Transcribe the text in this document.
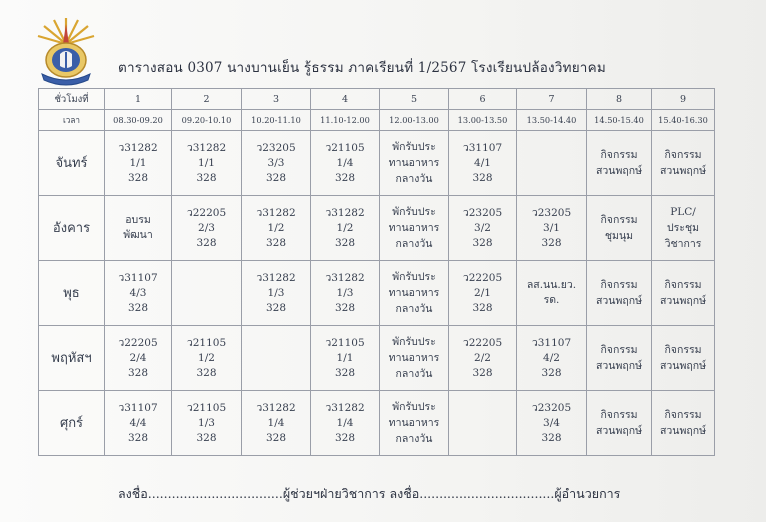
ตารางสอน 0307 นางบานเย็น รู้ธรรม ภาคเรียนที่ 1/2567 โรงเรียนปล้องวิทยาคม
ชั่วโมงที่	1	2	3	4	5	6	7	8	9
เวลา	08.30-09.20	09.20-10.10	10.20-11.10	11.10-12.00	12.00-13.00	13.00-13.50	13.50-14.40	14.50-15.40	15.40-16.30
จันทร์	ว31282
1/1
328	ว31282
1/1
328	ว23205
3/3
328	ว21105
1/4
328	พักรับประ
ทานอาหาร
กลางวัน	ว31107
4/1
328		กิจกรรม
สวนพฤกษ์	กิจกรรม
สวนพฤกษ์

อังคาร	อบรม
พัฒนา	ว22205
2/3
328	ว31282
1/2
328	ว31282
1/2
328	พักรับประ
ทานอาหาร
กลางวัน	ว23205
3/2
328	ว23205
3/1
328	กิจกรรม
ชุมนุม	PLC/
ประชุม
วิชาการ

พุธ	ว31107
4/3
328		ว31282
1/3
328	ว31282
1/3
328	พักรับประ
ทานอาหาร
กลางวัน	ว22205
2/1
328	ลส.นน.ยว.
รด.	กิจกรรม
สวนพฤกษ์	กิจกรรม
สวนพฤกษ์

พฤหัสฯ	ว22205
2/4
328	ว21105
1/2
328		ว21105
1/1
328	พักรับประ
ทานอาหาร
กลางวัน	ว22205
2/2
328	ว31107
4/2
328	กิจกรรม
สวนพฤกษ์	กิจกรรม
สวนพฤกษ์

ศุกร์	ว31107
4/4
328	ว21105
1/3
328	ว31282
1/4
328	ว31282
1/4
328	พักรับประ
ทานอาหาร
กลางวัน		ว23205
3/4
328	กิจกรรม
สวนพฤกษ์	กิจกรรม
สวนพฤกษ์
ลงชื่อ..................................ผู้ช่วยฯฝ่ายวิชาการ ลงชื่อ..................................ผู้อำนวยการ
